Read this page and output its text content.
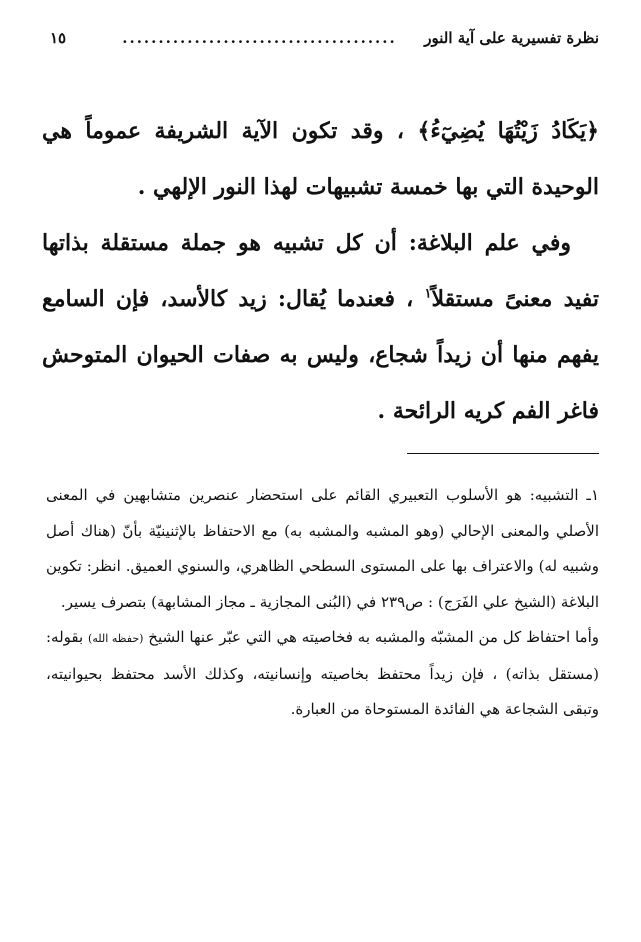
نظرة تفسيرية على آية النور
......................................
١٥

﴿يَكَادُ زَيْتُهَا يُضِيٓءُ﴾ ، وقد تكون الآية الشريفة عموماً هي الوحيدة التي بها خمسة تشبيهات لهذا النور الإلهي .

وفي علم البلاغة: أن كل تشبيه هو جملة مستقلة بذاتها تفيد معنىً مستقلاً$^١$ ، فعندما يُقال: زيد كالأسد، فإن السامع يفهم منها أن زيداً شجاع، وليس به صفات الحيوان المتوحش فاغر الفم كريه الرائحة .

١ـ التشبيه: هو الأسلوب التعبيري القائم على استحضار عنصرين متشابهين في المعنى الأصلي والمعنى الإحالي (وهو المشبه والمشبه به) مع الاحتفاظ بالإثنينيّة بأنّ (هناك أصل وشبيه له) والاعتراف بها على المستوى السطحي الظاهري، والسنوي العميق. انظر: تكوين البلاغة (الشيخ علي الفَرَج) : ص٢٣٩ في (البُنى المجازية ـ مجاز المشابهة) بتصرف يسير.

وأما احتفاظ كل من المشبّه والمشبه به فخاصيته هي التي عبّر عنها الشيخ (حفظه الله) بقوله: (مستقل بذاته) ، فإن زيداً محتفظ بخاصيته وإنسانيته، وكذلك الأسد محتفظ بحيوانيته، وتبقى الشجاعة هي الفائدة المستوحاة من العبارة.
